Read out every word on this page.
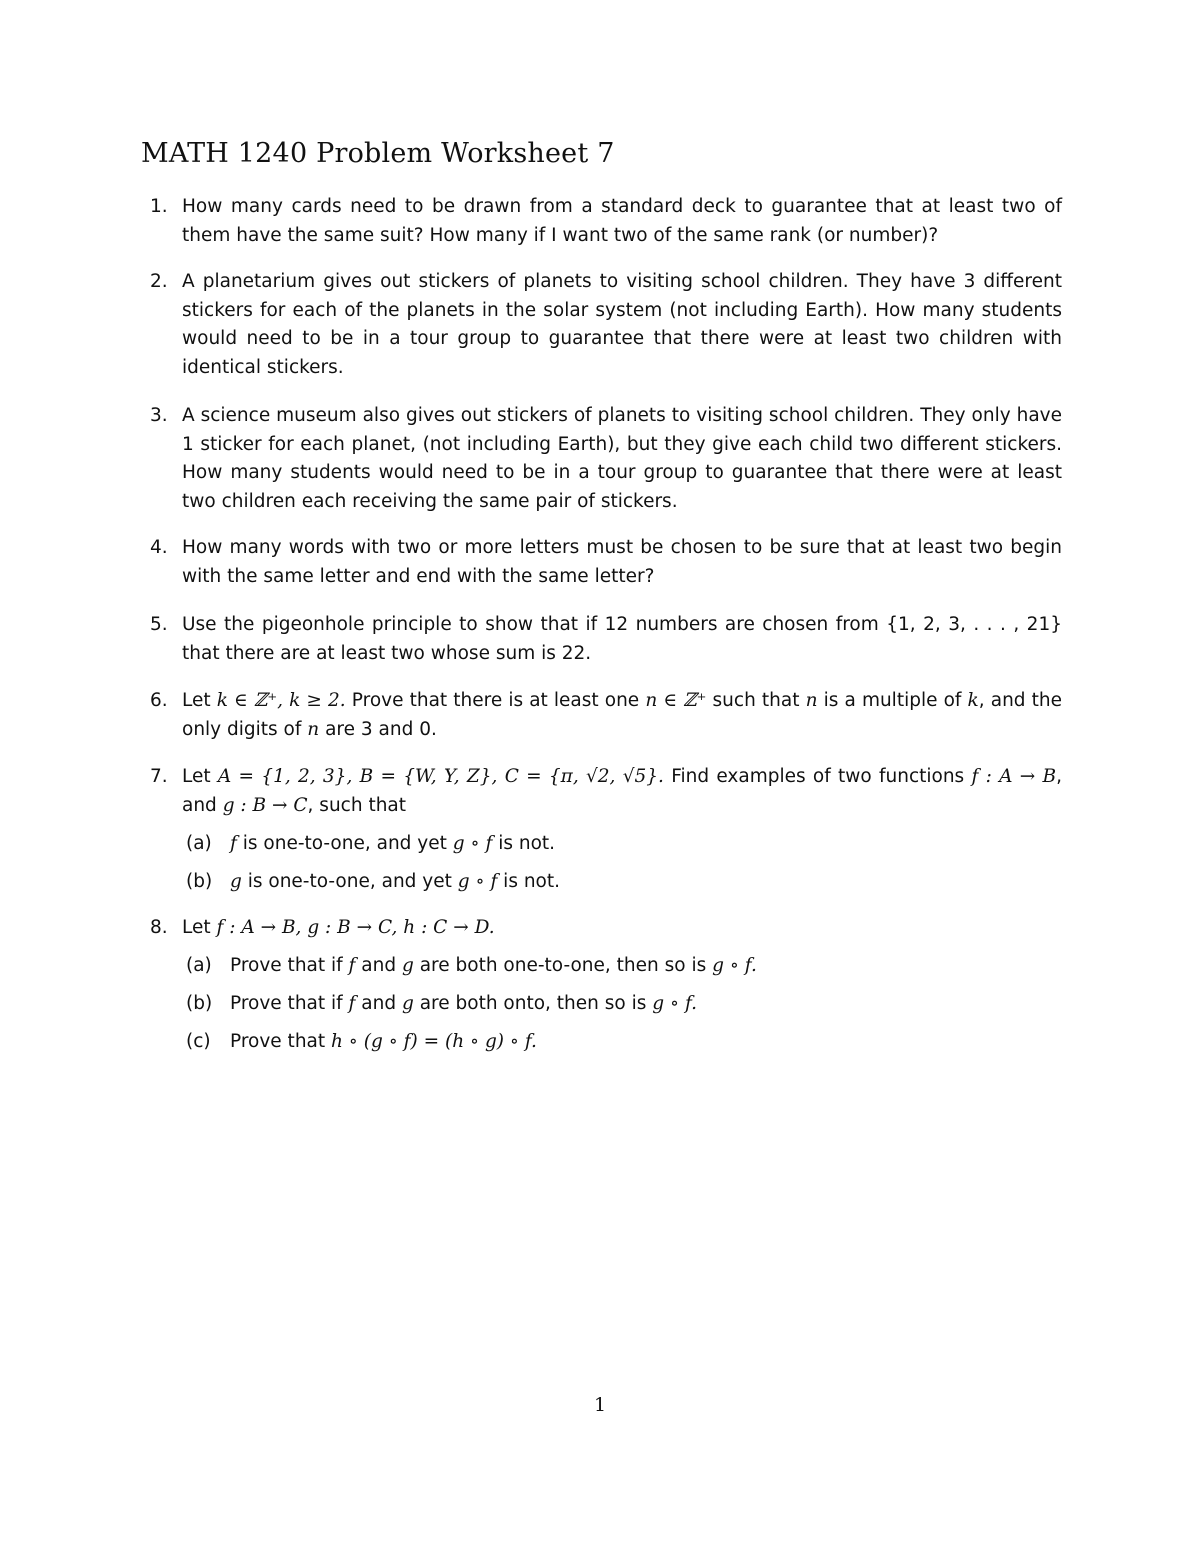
MATH 1240 Problem Worksheet 7
1. How many cards need to be drawn from a standard deck to guarantee that at least two of them have the same suit? How many if I want two of the same rank (or number)?
2. A planetarium gives out stickers of planets to visiting school children. They have 3 different stickers for each of the planets in the solar system (not including Earth). How many students would need to be in a tour group to guarantee that there were at least two children with identical stickers.
3. A science museum also gives out stickers of planets to visiting school children. They only have 1 sticker for each planet, (not including Earth), but they give each child two different stickers. How many students would need to be in a tour group to guarantee that there were at least two children each receiving the same pair of stickers.
4. How many words with two or more letters must be chosen to be sure that at least two begin with the same letter and end with the same letter?
5. Use the pigeonhole principle to show that if 12 numbers are chosen from {1, 2, 3, . . . , 21} that there are at least two whose sum is 22.
6. Let k ∈ ℤ⁺, k ≥ 2. Prove that there is at least one n ∈ ℤ⁺ such that n is a multiple of k, and the only digits of n are 3 and 0.
7. Let A = {1, 2, 3}, B = {W, Y, Z}, C = {π, √2, √5}. Find examples of two functions f : A → B, and g : B → C, such that
(a) f is one-to-one, and yet g ∘ f is not.
(b) g is one-to-one, and yet g ∘ f is not.
8. Let f : A → B, g : B → C, h : C → D.
(a) Prove that if f and g are both one-to-one, then so is g ∘ f.
(b) Prove that if f and g are both onto, then so is g ∘ f.
(c) Prove that h ∘ (g ∘ f) = (h ∘ g) ∘ f.
1
